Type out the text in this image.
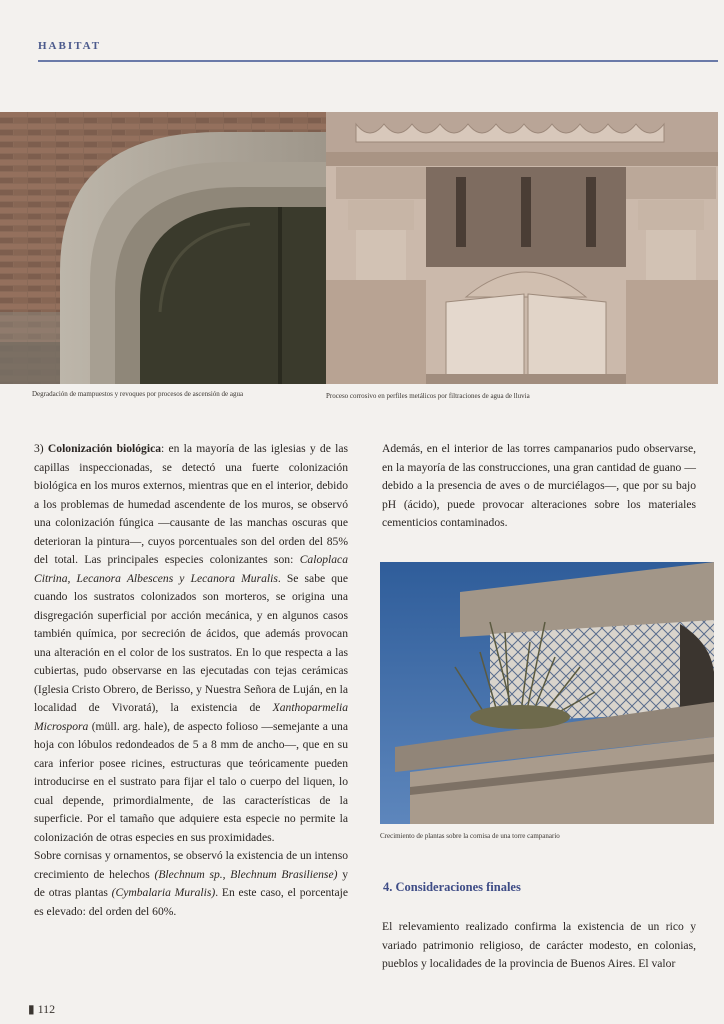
HABITAT
Degradación de mampuestos y revoques por procesos de ascensión de agua	Proceso corrosivo en perfiles metálicos por filtraciones de agua de lluvia

3) Colonización biológica: en la mayoría de las iglesias y de las capillas inspeccionadas, se detectó una fuerte colonización biológica en los muros externos, mientras que en el interior, debido a los problemas de humedad ascendente de los muros, se observó una colonización fúngica —causante de las manchas oscuras que deterioran la pintura—, cuyos porcentuales son del orden del 85% del total. Las principales especies colonizantes son: Caloplaca Citrina, Lecanora Albescens y Lecanora Muralis. Se sabe que cuando los sustratos colonizados son morteros, se origina una disgregación superficial por acción mecánica, y en algunos casos también química, por secreción de ácidos, que además provocan una alteración en el color de los sustratos. En lo que respecta a las cubiertas, pudo observarse en las ejecutadas con tejas cerámicas (Iglesia Cristo Obrero, de Berisso, y Nuestra Señora de Luján, en la localidad de Vivoratá), la existencia de Xanthoparmelia Microspora (müll. arg. hale), de aspecto folioso —semejante a una hoja con lóbulos redondeados de 5 a 8 mm de ancho—, que en su cara inferior posee ricines, estructuras que teóricamente pueden introducirse en el sustrato para fijar el talo o cuerpo del liquen, lo cual depende, primordialmente, de las características de la superficie. Por el tamaño que adquiere esta especie no permite la colonización de otras especies en sus proximidades.

Sobre cornisas y ornamentos, se observó la existencia de un intenso crecimiento de helechos (Blechnum sp., Blechnum Brasiliense) y de otras plantas (Cymbalaria Muralis). En este caso, el porcentaje es elevado: del orden del 60%.

Además, en el interior de las torres campanarios pudo observarse, en la mayoría de las construcciones, una gran cantidad de guano —debido a la presencia de aves o de murciélagos—, que por su bajo pH (ácido), puede provocar alteraciones sobre los materiales cementicios contaminados.

Crecimiento de plantas sobre la cornisa de una torre campanario
4. Consideraciones finales

El relevamiento realizado confirma la existencia de un rico y variado patrimonio religioso, de carácter modesto, en colonias, pueblos y localidades de la provincia de Buenos Aires. El valor

▮ 112
